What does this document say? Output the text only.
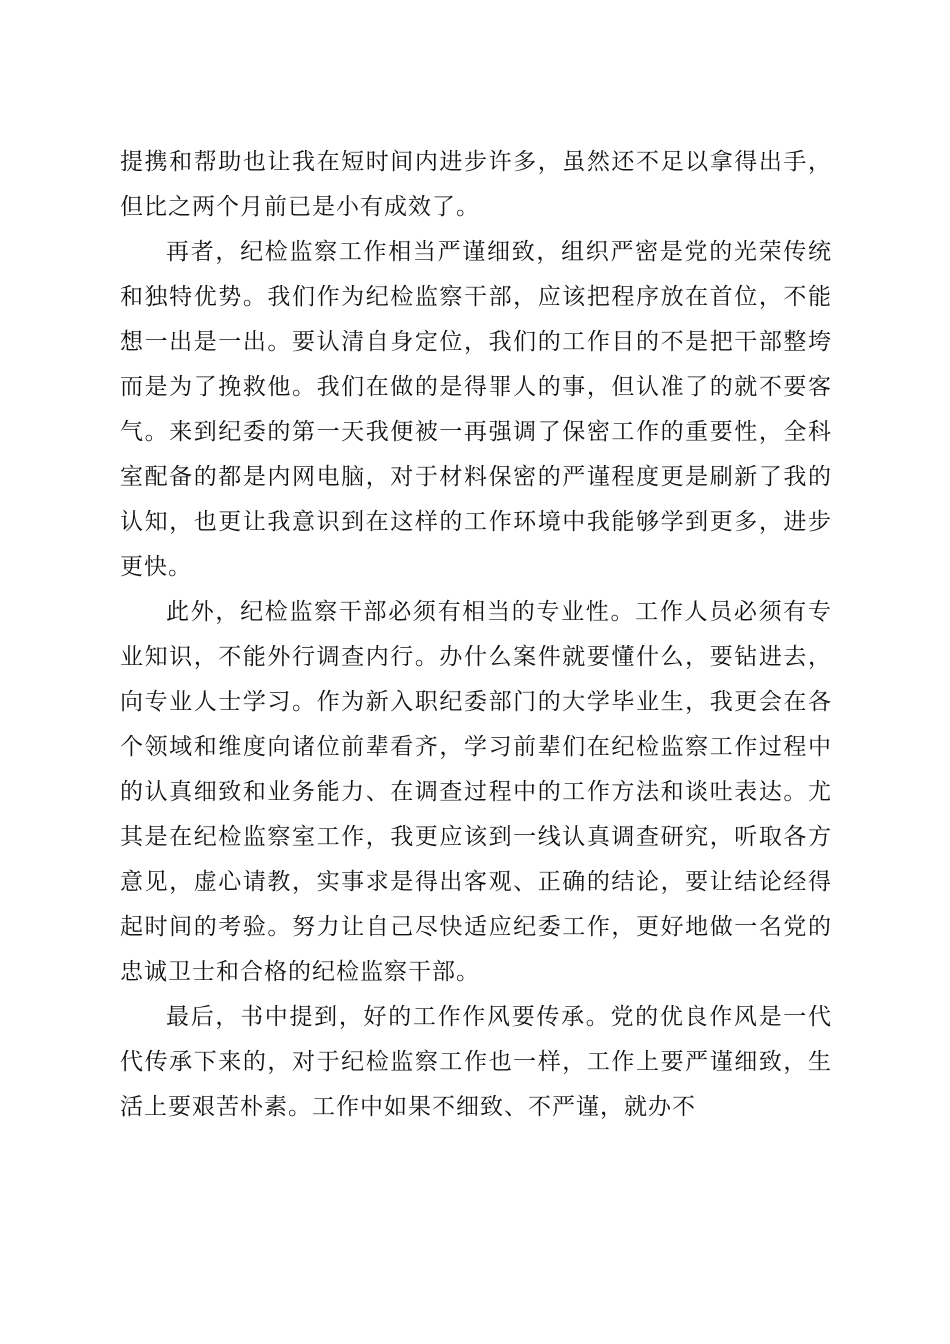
提携和帮助也让我在短时间内进步许多，虽然还不足以拿得出手，但比之两个月前已是小有成效了。

再者，纪检监察工作相当严谨细致，组织严密是党的光荣传统和独特优势。我们作为纪检监察干部，应该把程序放在首位，不能想一出是一出。要认清自身定位，我们的工作目的不是把干部整垮而是为了挽救他。我们在做的是得罪人的事，但认准了的就不要客气。来到纪委的第一天我便被一再强调了保密工作的重要性，全科室配备的都是内网电脑，对于材料保密的严谨程度更是刷新了我的认知，也更让我意识到在这样的工作环境中我能够学到更多，进步更快。

此外，纪检监察干部必须有相当的专业性。工作人员必须有专业知识，不能外行调查内行。办什么案件就要懂什么，要钻进去，向专业人士学习。作为新入职纪委部门的大学毕业生，我更会在各个领域和维度向诸位前辈看齐，学习前辈们在纪检监察工作过程中的认真细致和业务能力、在调查过程中的工作方法和谈吐表达。尤其是在纪检监察室工作，我更应该到一线认真调查研究，听取各方意见，虚心请教，实事求是得出客观、正确的结论，要让结论经得起时间的考验。努力让自己尽快适应纪委工作，更好地做一名党的忠诚卫士和合格的纪检监察干部。

最后，书中提到，好的工作作风要传承。党的优良作风是一代代传承下来的，对于纪检监察工作也一样，工作上要严谨细致，生活上要艰苦朴素。工作中如果不细致、不严谨，就办不
